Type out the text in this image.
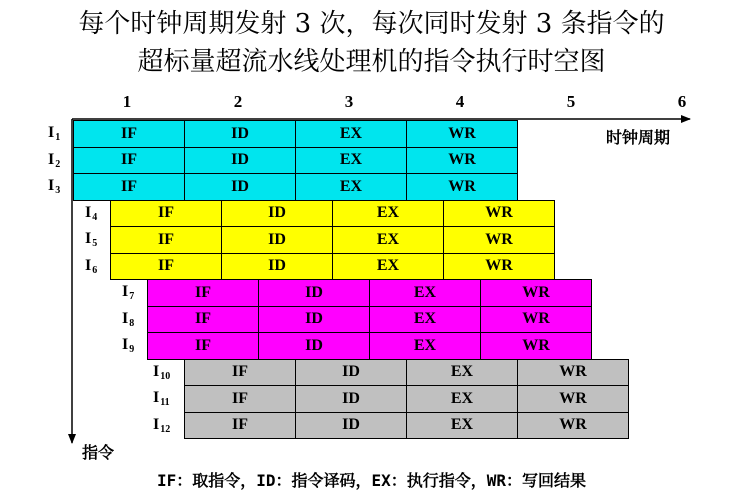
每个时钟周期发射 3 次，每次同时发射 3 条指令的
超标量超流水线处理机的指令执行时空图
1	2	3	4	5	6
时钟周期
指令
$I_1$	IF	ID	EX	WR
$I_2$	IF	ID	EX	WR
$I_3$	IF	ID	EX	WR
$I_4$	IF	ID	EX	WR
$I_5$	IF	ID	EX	WR
$I_6$	IF	ID	EX	WR
$I_7$	IF	ID	EX	WR
$I_8$	IF	ID	EX	WR
$I_9$	IF	ID	EX	WR
$I_{10}$	IF	ID	EX	WR
$I_{11}$	IF	ID	EX	WR
$I_{12}$	IF	ID	EX	WR
IF：取指令，ID：指令译码，EX：执行指令，WR：写回结果
